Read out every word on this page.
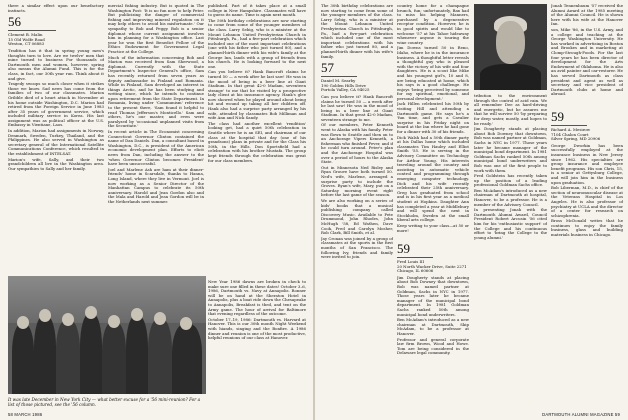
there a similar effect upon our benefactory instincts.

56
Clement B. Malin
15 Old Wolfe Road
Weston, CT 06883

Tradition has it that in spring young men's thoughts turn to love. Are we twelve' men that mine turned to business For thousands of Dartmouth men and women, however, spring also means the Alumni Fund. This is for the class, in fact, our 30th year run. Think about it and give.

Tragedy swoops so much closer when it strikes those we know. Sad news has come from the families of two of our classmates. Marion Gribble died of a heart attack in November at his home outside Washington, D.C. Marion had retired from the Foreign Service in June 1983 after 35 years of government service, which included military service in Korea. His last assignment was as political officer at the U.S. Embassy in Vientiane, Laos.

In addition, Marion had assignments in Norway, Denmark, Sweden, Turkey, Thailand, and the Philippines. He also served in Washington as secretary general of the International Satellite Communications Conference, which resulted in the establishment of INTELSAT.

Marion's wife, Sally, and their two grandchildren all live in the Washington area. Our sympathies to Sally and her family.

mercial fishing industry. But is quoted in The Washington Post: 'It is no fun now to help Peter. But publicizing the danger of commercial fishing and improving mineral regulation on it may help others to avoid his misfortunate.' Our sympathy to Bob and Peggy. Bob is a senior diplomat whose current assignment involves him in planning for a Washington office. Last year he won the first Benedict Fellow of the Ethics Endowment for Government Legal Practice at the College.

Much of the information concerning Bob and Marion was received from Sam Sherwood, a diplomat. Currently with the State Department's Inspector General's office, Sam has recently returned from seven years as deputy ambassador in Finland and Romania. While in Finland, Sam developed an interest in things Arctic, and he has been studying and writing since, which he intends to continue upon retirement from the State Department. In Romania, living under 'Communism' reference to the present there, 'Sam found it helpful to read Thomas Jefferson's Monticello.' Sam and others, he's our master, and even were paralyzed by 'occasional unplanned visits from the Securitate.'

In recent article in The Economist concerning Connecticut Governor Clinton contained the name of Dan Daniels. Dan, a consultant based in Washington, D.C., is president of the American economic development plan. Efforts to elicit news from Dan, including the answer to the 'when Governor Clinton becomes President' have been unsuccessful.

Joel and Marlene Ash are ham at their dinner-friends' home in Scarsdale, thanks to Hanna, Long Island, where they live in Vermont. Joel is now working as a Senior Director of the Manhattan Campus to celebrate its 50th anniversary. Harold and Jean Gordon also and the Mala and Harold and Jean Gordon will be in the Netherlands next summer.

published. Part of it takes place at a small college in New Hampshire. Classmates will have to guess its name. Time is again next month.

The 50th birthday celebrations are now starting to come from some of the younger members of the class. Larry Sebig, who is a minister at the Mount Lebanon United Presbyterian Church in Pittsburgh, Pa., had a five-part celebration which included one of the most important celebrations (one with his father who just turned 80), and a planned-birth dinner with his wife's family at the George Inn, lands with a group of friends from his church. He is looking forward to the next one.

Can you believe it? Hank Bancroft claims he turned 50 — a week after he last saw! He was in the mood of being in a beer line at Giant Stadium. In that great 42-0 Madam, seventeen strange' to me that he visited by a prospective lady client at his insurance agency. Hank's glee now showed when he played around about being hit and wound up taking all her children off. Hank also had a surprise party arranged by his wife, attended by classmates Bob Milliman and wife Ann and Nick Sandy.

The class had another excellent 'rendition' looking get, had a quiet 50th celebration in Seattle where he is an SEI, and chairman of our class at the hospital that day (one of his grandsons) plans in private and for the Class his 50th, in the Hills. Don Sportsfield had a celebration with his brother Mustafa. The group kept friends through the celebration was great for our class members.

It was late December in New York City — what better excuse for a '56 mini-reunion? For a list of those pictured, see the '56 column.

New Year 1986 dawns are broken in check to make sure one filled in these dates! October 3–6, 1986, Dartmouth vs. Navy at Annapolis. Ronner will be on hand at the Sheraton Hotel in Annapolis, plus a boat ride down the Chesapeake to Annapolis, Breakfast is tbed, and tent on the Army game. The hour of arrival for Baltimore that evening regardless of the outcome.

October 17–19, 1986: Dartmouth vs. Harvard at Hanover. This is our 30th month Night Weekend with hiands, singing and the Bonfire. A 1986 dinner and reunion is one of the most productive, helpful reunions of our class at Hanover.

58 MARCH 1986

The 30th birthday celebrations are now starting to come from some of the younger members of the class. Larry Sebig, who is a minister at the Mount Lebanon United Presbyterian Church in Pittsburgh, Pa., had a five-part celebration which included one of the most important celebrations with his father who just turned 80, and a planned-birth dinner with his wife's family.

57
Daniel M. Searby
190 Golden Hills Drive
Portola Valley, CA 94025

Can you believe it? Hank Bancroft claims he turned 50 — a week after he last saw! He was in the mood of being in a beer line at Giant Stadium. In that great 42-0 Madam, seventeen strange to me.

Of our members, Peter Kenneth went to Alaska with his family. Peter was flown to Seattle and then on to an Anchorage Vipers Kenneth, a fisherman who finished Fever, and if he could turn around. Peter's plan and the Anchorage Hospital was over a period of hours to the Alaska State.

Out in Minnesota Ned Risley and Ryan Grouve have both turned 50. Ned's wife, Marlene, arranged a surprise party to include the Groves. Ryan's wife, Mary, put on a Saturday morning event right before the last game of the season.

We are also working on a series of kids' books that a musical publishing company called Discovery Music. Available to Pete Drummond, John Rhodes, John McHugh '58, Ed Wathen, Dave Cook, Fred and Carolyn Mosher, Rob Clark, Bill Smith, et al.

Jay Cronan was joined by a group of classmates at the sports in the first months of San Francisco. The following Ivy, friends and family were invited to join.

country home for a champagne brunch, fun; unfortunately, Bax had to miss his helping Manners, purchased by a degenerative receptor condition. However, he is in good spirits and would like to welcome '57 at his Tahoe hideaway whenever anyone is touring the wine country.

Jim Downs turned 50 in Reno, Idaho, where he is in the insurance business. A thoughtful letter reveals a thoughtful guy who is pleased with the victory of his wife and four daughters. He is a scout like Mike and his youngest girl's, 10 and 8, are being educated at home, which his says is a good challenge. He enjoys 'being perceived by someone for my spiritual, emotional, and personal development.'

Jack Hillen celebrated his 50th by visiting Hill and attending a Dartmouth game. He says he's a 'fun time, and gets a Cavalier surprise in his Friday night on board at the Inn where he had gone for a dinner with 30 of his friends.

Dick Walsh had a 50th dinner party at his Dallas home which included classmates Tim Hauley and Elliot Smith '55. He is serving in the Advisory Committee on Technology for Arthur Young. His interests traveling around the country and assisting in automatic vehicle control and programming through emerging computer technology. Dick and his wife recently celebrated their 25th anniversary. Greg has graduated from school and is in his first year as a medical student at Hopkins. Daughter Ann has completed a year at Middlebury and will spend the next in Stockholm, Sweden at the small liberal arts college.

Keep writing to your class—at 50 or more!

59
Fred Louis III
20 North Wacker Drive, Suite 2271
Chicago, IL 60606

Jim Dougherty stands at placing about Bob Downey that downtown, Bob was named partner at Goldman, Sachs in NYC in 1977. Those years later he became manager of the municipal bond department. In 1981 Goldman Sachs ranked 50th among municipal bond underwriters.

Ben McAdam's introduced as a new chairman at Dartmouth, Skip McAdam, to be a professor at Hanover.

Professor and general corporate law firm Brown, Wood and Howe. Tom are being considered in the Delaware legal community.

Jonah Tennenbaum '57 received the Alumni Award at the 1985 meeting of the Alumni Council. He is shown here with his wife at the Hanover Inn.

son, Mike '86, in the U.S. Army, and a college and teaching at the George Washington University. He has worked in advertising in Boston and Brookes and in marketing at Clomp-Strough-Foods. For the last four years he has been director of development for the Arts Endowment of Oklahoma. He is also an avid painter and car-restorer. He has served Dartmouth as class president and agent as well as secretary and vice president of Dartmouth clubs at home and abroad.

tribution to the environment through the control of acid rain. We all remember Dee as hard-driving and energetic, but he assures me that he will survive 50 'by preparing for deep water, mostly, and hopes to be ready.'

Jim Dougherty stands at placing about Bob Downey that downtown, Bob was named partner at Goldman, Sachs in NYC in 1977. Those years later he became manager of the municipal bond department. In 1981 Goldman Sachs ranked 50th among municipal bond underwriters and Bob was one of the first people to work with them.

Fred Goldstein has recently taken up the position of a leading professional Goldman Sachs office.

Ben McAdam's introduced as a new chairman of Dartmouth at hospital, Hanover, to be a professor. He is a member of the Advisory Council.

In presenting Jonah with the Dartmouth Alumni Award, Council President Robert Arcusin '56 cited him for his 'enthusiastic support' of the College and his continuous effort to 'bring the College to the young alumni.'

59
Richard A. Mesirow
7104 Chalon Court
Silver Spring, MD 20906

George Dworkin has been successfully employed at the insurance business in New Jersey since 1962. His specialties are group insurance and employee benefit programs. His son Chris, 15, is a senior at Gettysburg College, and will join him in the business upon graduation.

Bob Liberman, M.D., is chief of the section of neuromuscular disease at the Veterans Hospital in Los Angeles. He is also professor of psychiatry at UCLA and the director of a center for research on schizophrenia.

Bross McDonald writes that he continues to enjoy the family business, glass and building materials business in Chicago.

DARTMOUTH ALUMNI MAGAZINE 59
